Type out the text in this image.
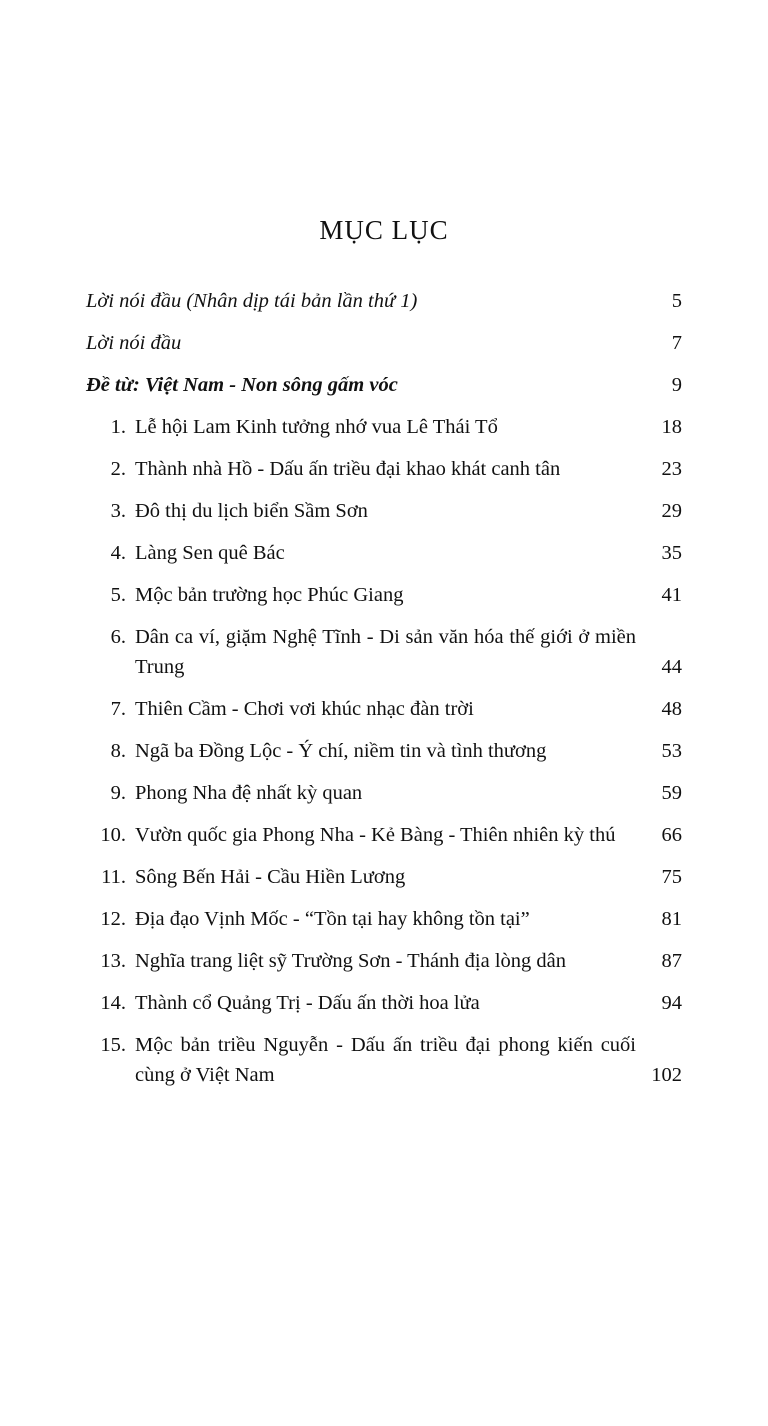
MỤC LỤC
Lời nói đầu (Nhân dịp tái bản lần thứ 1)		5
Lời nói đầu		7
Đề từ: Việt Nam - Non sông gấm vóc		9
1.	Lễ hội Lam Kinh tưởng nhớ vua Lê Thái Tổ	18
2.	Thành nhà Hồ - Dấu ấn triều đại khao khát canh tân	23
3.	Đô thị du lịch biển Sầm Sơn	29
4.	Làng Sen quê Bác	35
5.	Mộc bản trường học Phúc Giang	41
6.	Dân ca ví, giặm Nghệ Tĩnh - Di sản văn hóa thế giới ở miền Trung	44
7.	Thiên Cầm - Chơi vơi khúc nhạc đàn trời	48
8.	Ngã ba Đồng Lộc - Ý chí, niềm tin và tình thương	53
9.	Phong Nha đệ nhất kỳ quan	59
10.	Vườn quốc gia Phong Nha - Kẻ Bàng - Thiên nhiên kỳ thú	66
11.	Sông Bến Hải - Cầu Hiền Lương	75
12.	Địa đạo Vịnh Mốc - “Tồn tại hay không tồn tại”	81
13.	Nghĩa trang liệt sỹ Trường Sơn - Thánh địa lòng dân	87
14.	Thành cổ Quảng Trị - Dấu ấn thời hoa lửa	94
15.	Mộc bản triều Nguyễn - Dấu ấn triều đại phong kiến cuối cùng ở Việt Nam	102
